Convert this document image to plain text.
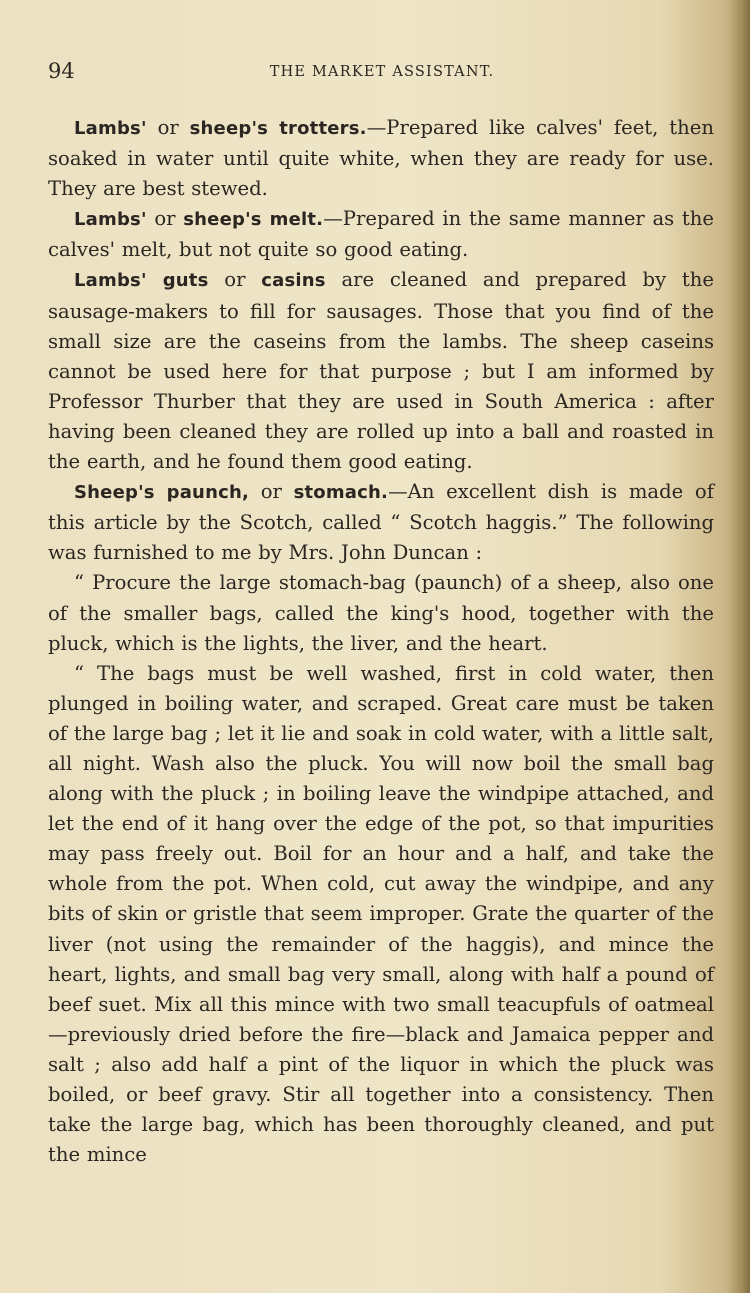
94	THE MARKET ASSISTANT.

Lambs' or sheep's trotters.—Prepared like calves' feet, then soaked in water until quite white, when they are ready for use. They are best stewed.

Lambs' or sheep's melt.—Prepared in the same manner as the calves' melt, but not quite so good eating.

Lambs' guts or casins are cleaned and prepared by the sausage-makers to fill for sausages. Those that you find of the small size are the caseins from the lambs. The sheep caseins cannot be used here for that purpose ; but I am informed by Professor Thurber that they are used in South America : after having been cleaned they are rolled up into a ball and roasted in the earth, and he found them good eating.

Sheep's paunch, or stomach.—An excellent dish is made of this article by the Scotch, called “ Scotch haggis.” The following was furnished to me by Mrs. John Duncan :

“ Procure the large stomach-bag (paunch) of a sheep, also one of the smaller bags, called the king's hood, together with the pluck, which is the lights, the liver, and the heart.

“ The bags must be well washed, first in cold water, then plunged in boiling water, and scraped. Great care must be taken of the large bag ; let it lie and soak in cold water, with a little salt, all night. Wash also the pluck. You will now boil the small bag along with the pluck ; in boiling leave the windpipe attached, and let the end of it hang over the edge of the pot, so that impurities may pass freely out. Boil for an hour and a half, and take the whole from the pot. When cold, cut away the windpipe, and any bits of skin or gristle that seem improper. Grate the quarter of the liver (not using the remainder of the haggis), and mince the heart, lights, and small bag very small, along with half a pound of beef suet. Mix all this mince with two small teacupfuls of oatmeal—previously dried before the fire—black and Jamaica pepper and salt ; also add half a pint of the liquor in which the pluck was boiled, or beef gravy. Stir all together into a consistency. Then take the large bag, which has been thoroughly cleaned, and put the mince
